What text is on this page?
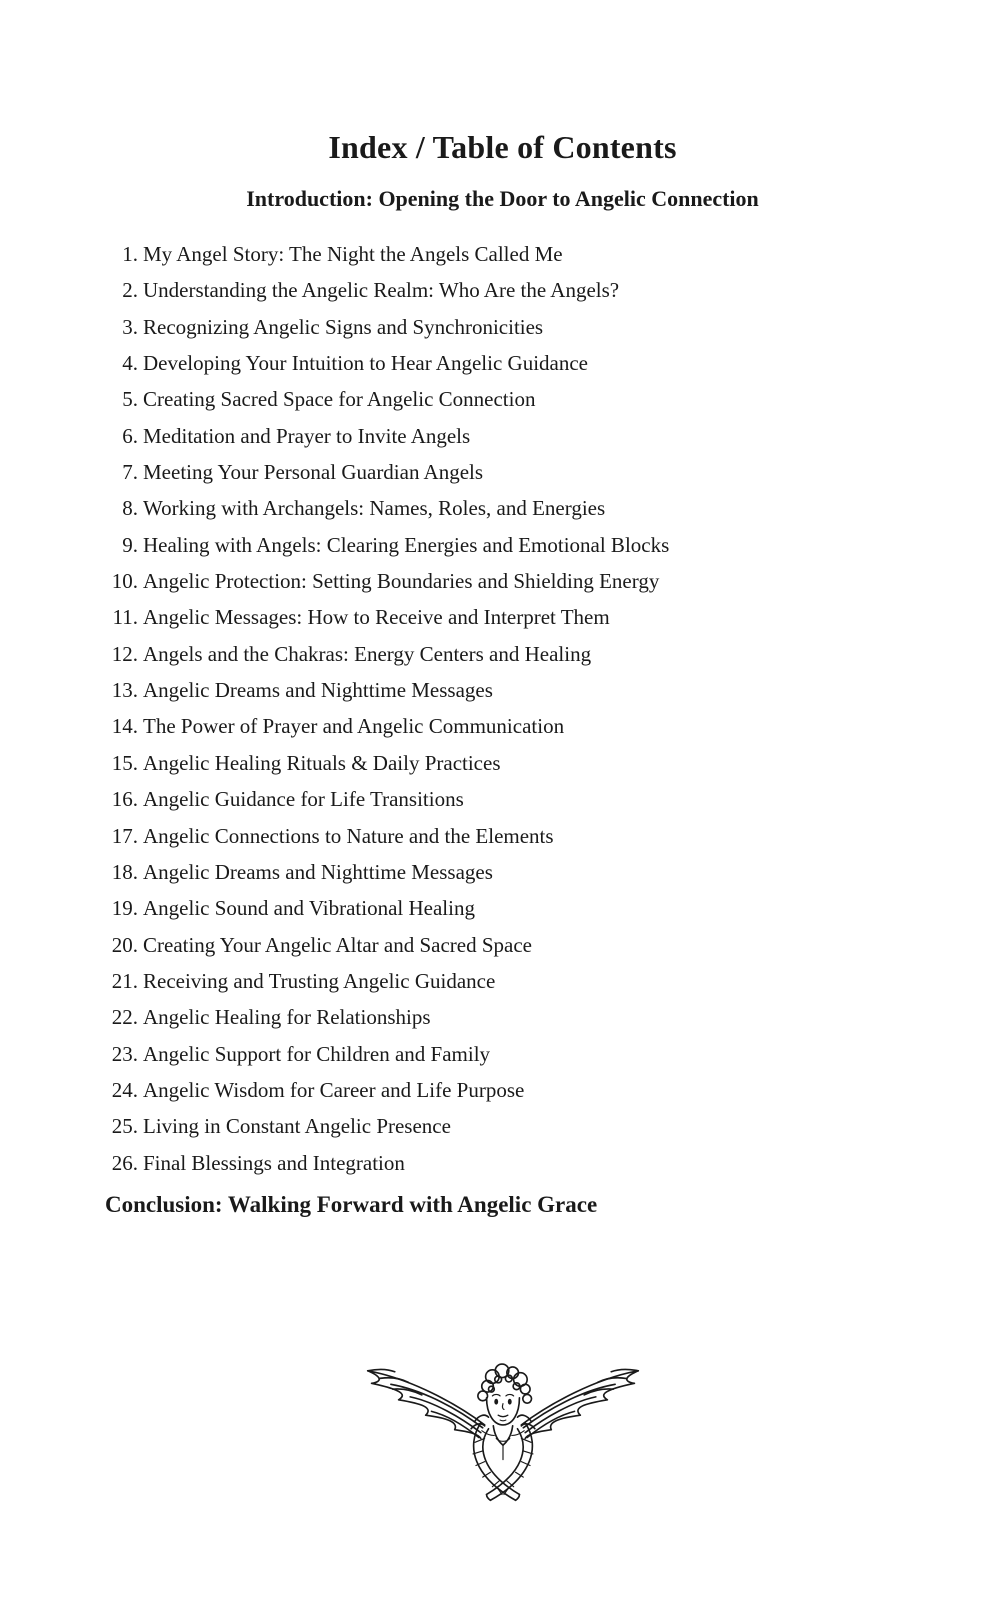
Index / Table of Contents
Introduction: Opening the Door to Angelic Connection
1. My Angel Story: The Night the Angels Called Me
2. Understanding the Angelic Realm: Who Are the Angels?
3. Recognizing Angelic Signs and Synchronicities
4. Developing Your Intuition to Hear Angelic Guidance
5. Creating Sacred Space for Angelic Connection
6. Meditation and Prayer to Invite Angels
7. Meeting Your Personal Guardian Angels
8. Working with Archangels: Names, Roles, and Energies
9. Healing with Angels: Clearing Energies and Emotional Blocks
10. Angelic Protection: Setting Boundaries and Shielding Energy
11. Angelic Messages: How to Receive and Interpret Them
12. Angels and the Chakras: Energy Centers and Healing
13. Angelic Dreams and Nighttime Messages
14. The Power of Prayer and Angelic Communication
15. Angelic Healing Rituals & Daily Practices
16. Angelic Guidance for Life Transitions
17. Angelic Connections to Nature and the Elements
18. Angelic Dreams and Nighttime Messages
19. Angelic Sound and Vibrational Healing
20. Creating Your Angelic Altar and Sacred Space
21. Receiving and Trusting Angelic Guidance
22. Angelic Healing for Relationships
23. Angelic Support for Children and Family
24. Angelic Wisdom for Career and Life Purpose
25. Living in Constant Angelic Presence
26. Final Blessings and Integration
Conclusion: Walking Forward with Angelic Grace
